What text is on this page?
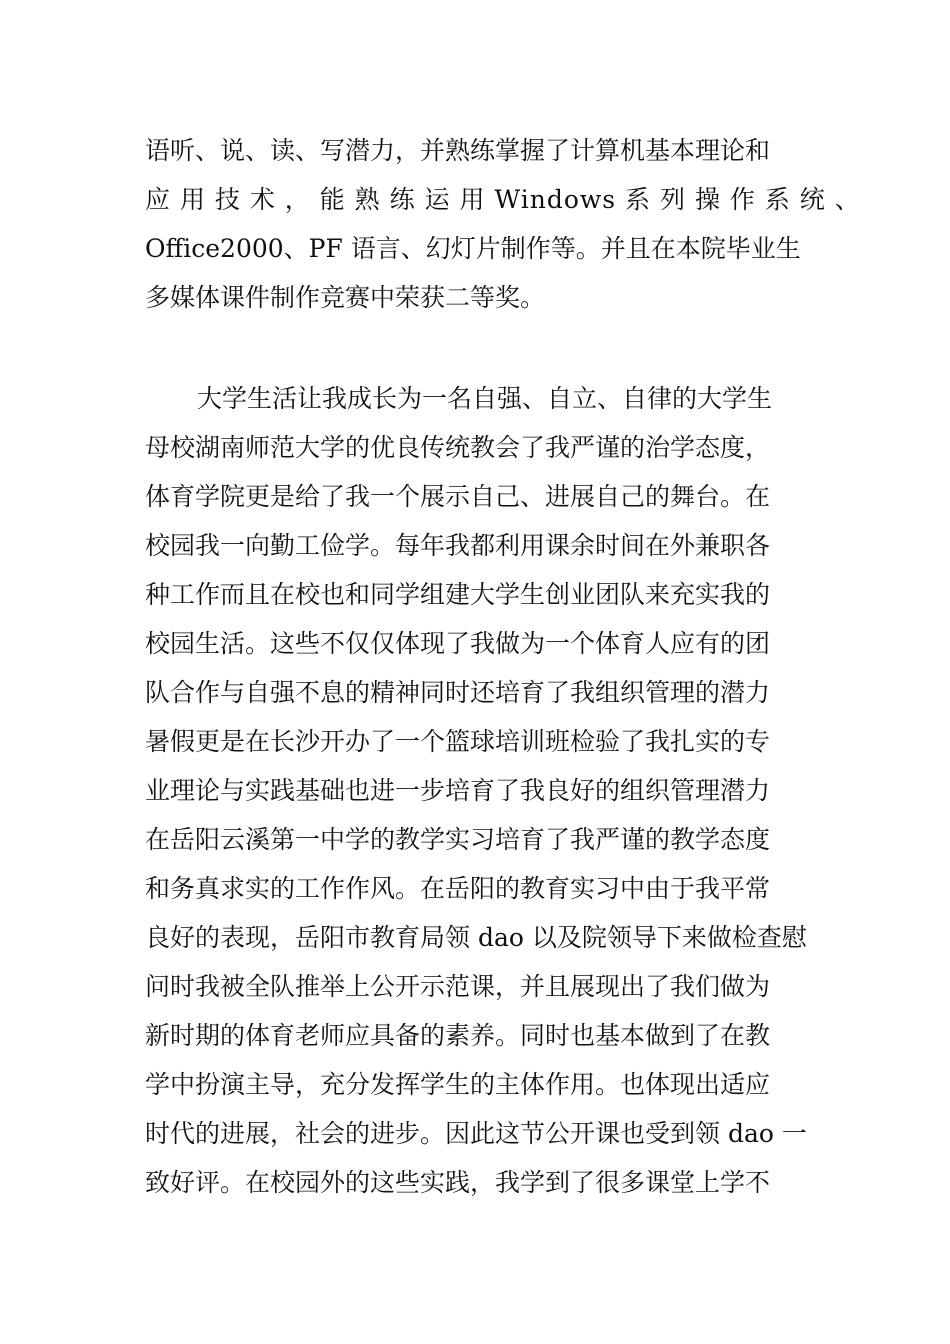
语听、说、读、写潜力，并熟练掌握了计算机基本理论和
应 用 技 术 ， 能 熟 练 运 用 Windows 系 列 操 作 系 统 、
Office2000、PF 语言、幻灯片制作等。并且在本院毕业生
多媒体课件制作竞赛中荣获二等奖。
大学生活让我成长为一名自强、自立、自律的大学生
母校湖南师范大学的优良传统教会了我严谨的治学态度，
体育学院更是给了我一个展示自己、进展自己的舞台。在
校园我一向勤工俭学。每年我都利用课余时间在外兼职各
种工作而且在校也和同学组建大学生创业团队来充实我的
校园生活。这些不仅仅体现了我做为一个体育人应有的团
队合作与自强不息的精神同时还培育了我组织管理的潜力
暑假更是在长沙开办了一个篮球培训班检验了我扎实的专
业理论与实践基础也进一步培育了我良好的组织管理潜力
在岳阳云溪第一中学的教学实习培育了我严谨的教学态度
和务真求实的工作作风。在岳阳的教育实习中由于我平常
良好的表现，岳阳市教育局领 dao 以及院领导下来做检查慰
问时我被全队推举上公开示范课，并且展现出了我们做为
新时期的体育老师应具备的素养。同时也基本做到了在教
学中扮演主导，充分发挥学生的主体作用。也体现出适应
时代的进展，社会的进步。因此这节公开课也受到领 dao 一
致好评。在校园外的这些实践，我学到了很多课堂上学不
